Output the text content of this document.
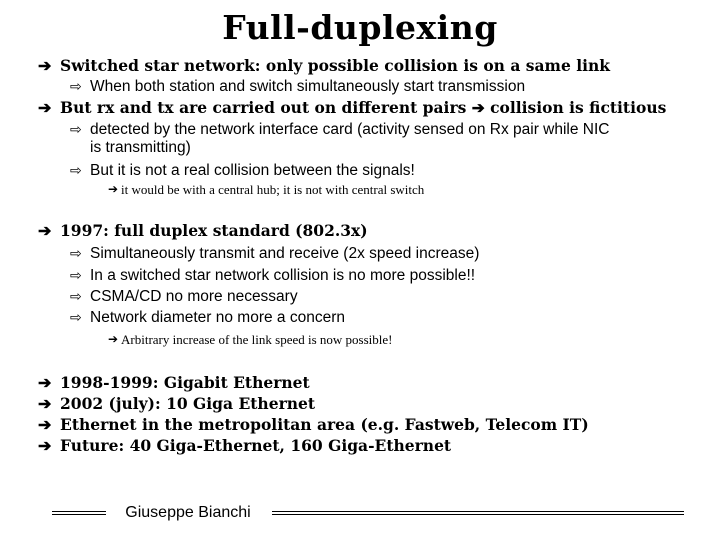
Full-duplexing
➔ Switched star network: only possible collision is on a same link
⇨ When both station and switch simultaneously start transmission
➔ But rx and tx are carried out on different pairs ➔ collision is fictitious
⇨ detected by the network interface card (activity sensed on Rx pair while NIC
is transmitting)
⇨ But it is not a real collision between the signals!
➔ it would be with a central hub; it is not with central switch
➔ 1997: full duplex standard (802.3x)
⇨ Simultaneously transmit and receive (2x speed increase)
⇨ In a switched star network collision is no more possible!!
⇨ CSMA/CD no more necessary
⇨ Network diameter no more a concern
➔ Arbitrary increase of the link speed is now possible!
➔ 1998-1999: Gigabit Ethernet
➔ 2002 (july): 10 Giga Ethernet
➔ Ethernet in the metropolitan area (e.g. Fastweb, Telecom IT)
➔ Future: 40 Giga-Ethernet, 160 Giga-Ethernet
Giuseppe Bianchi
